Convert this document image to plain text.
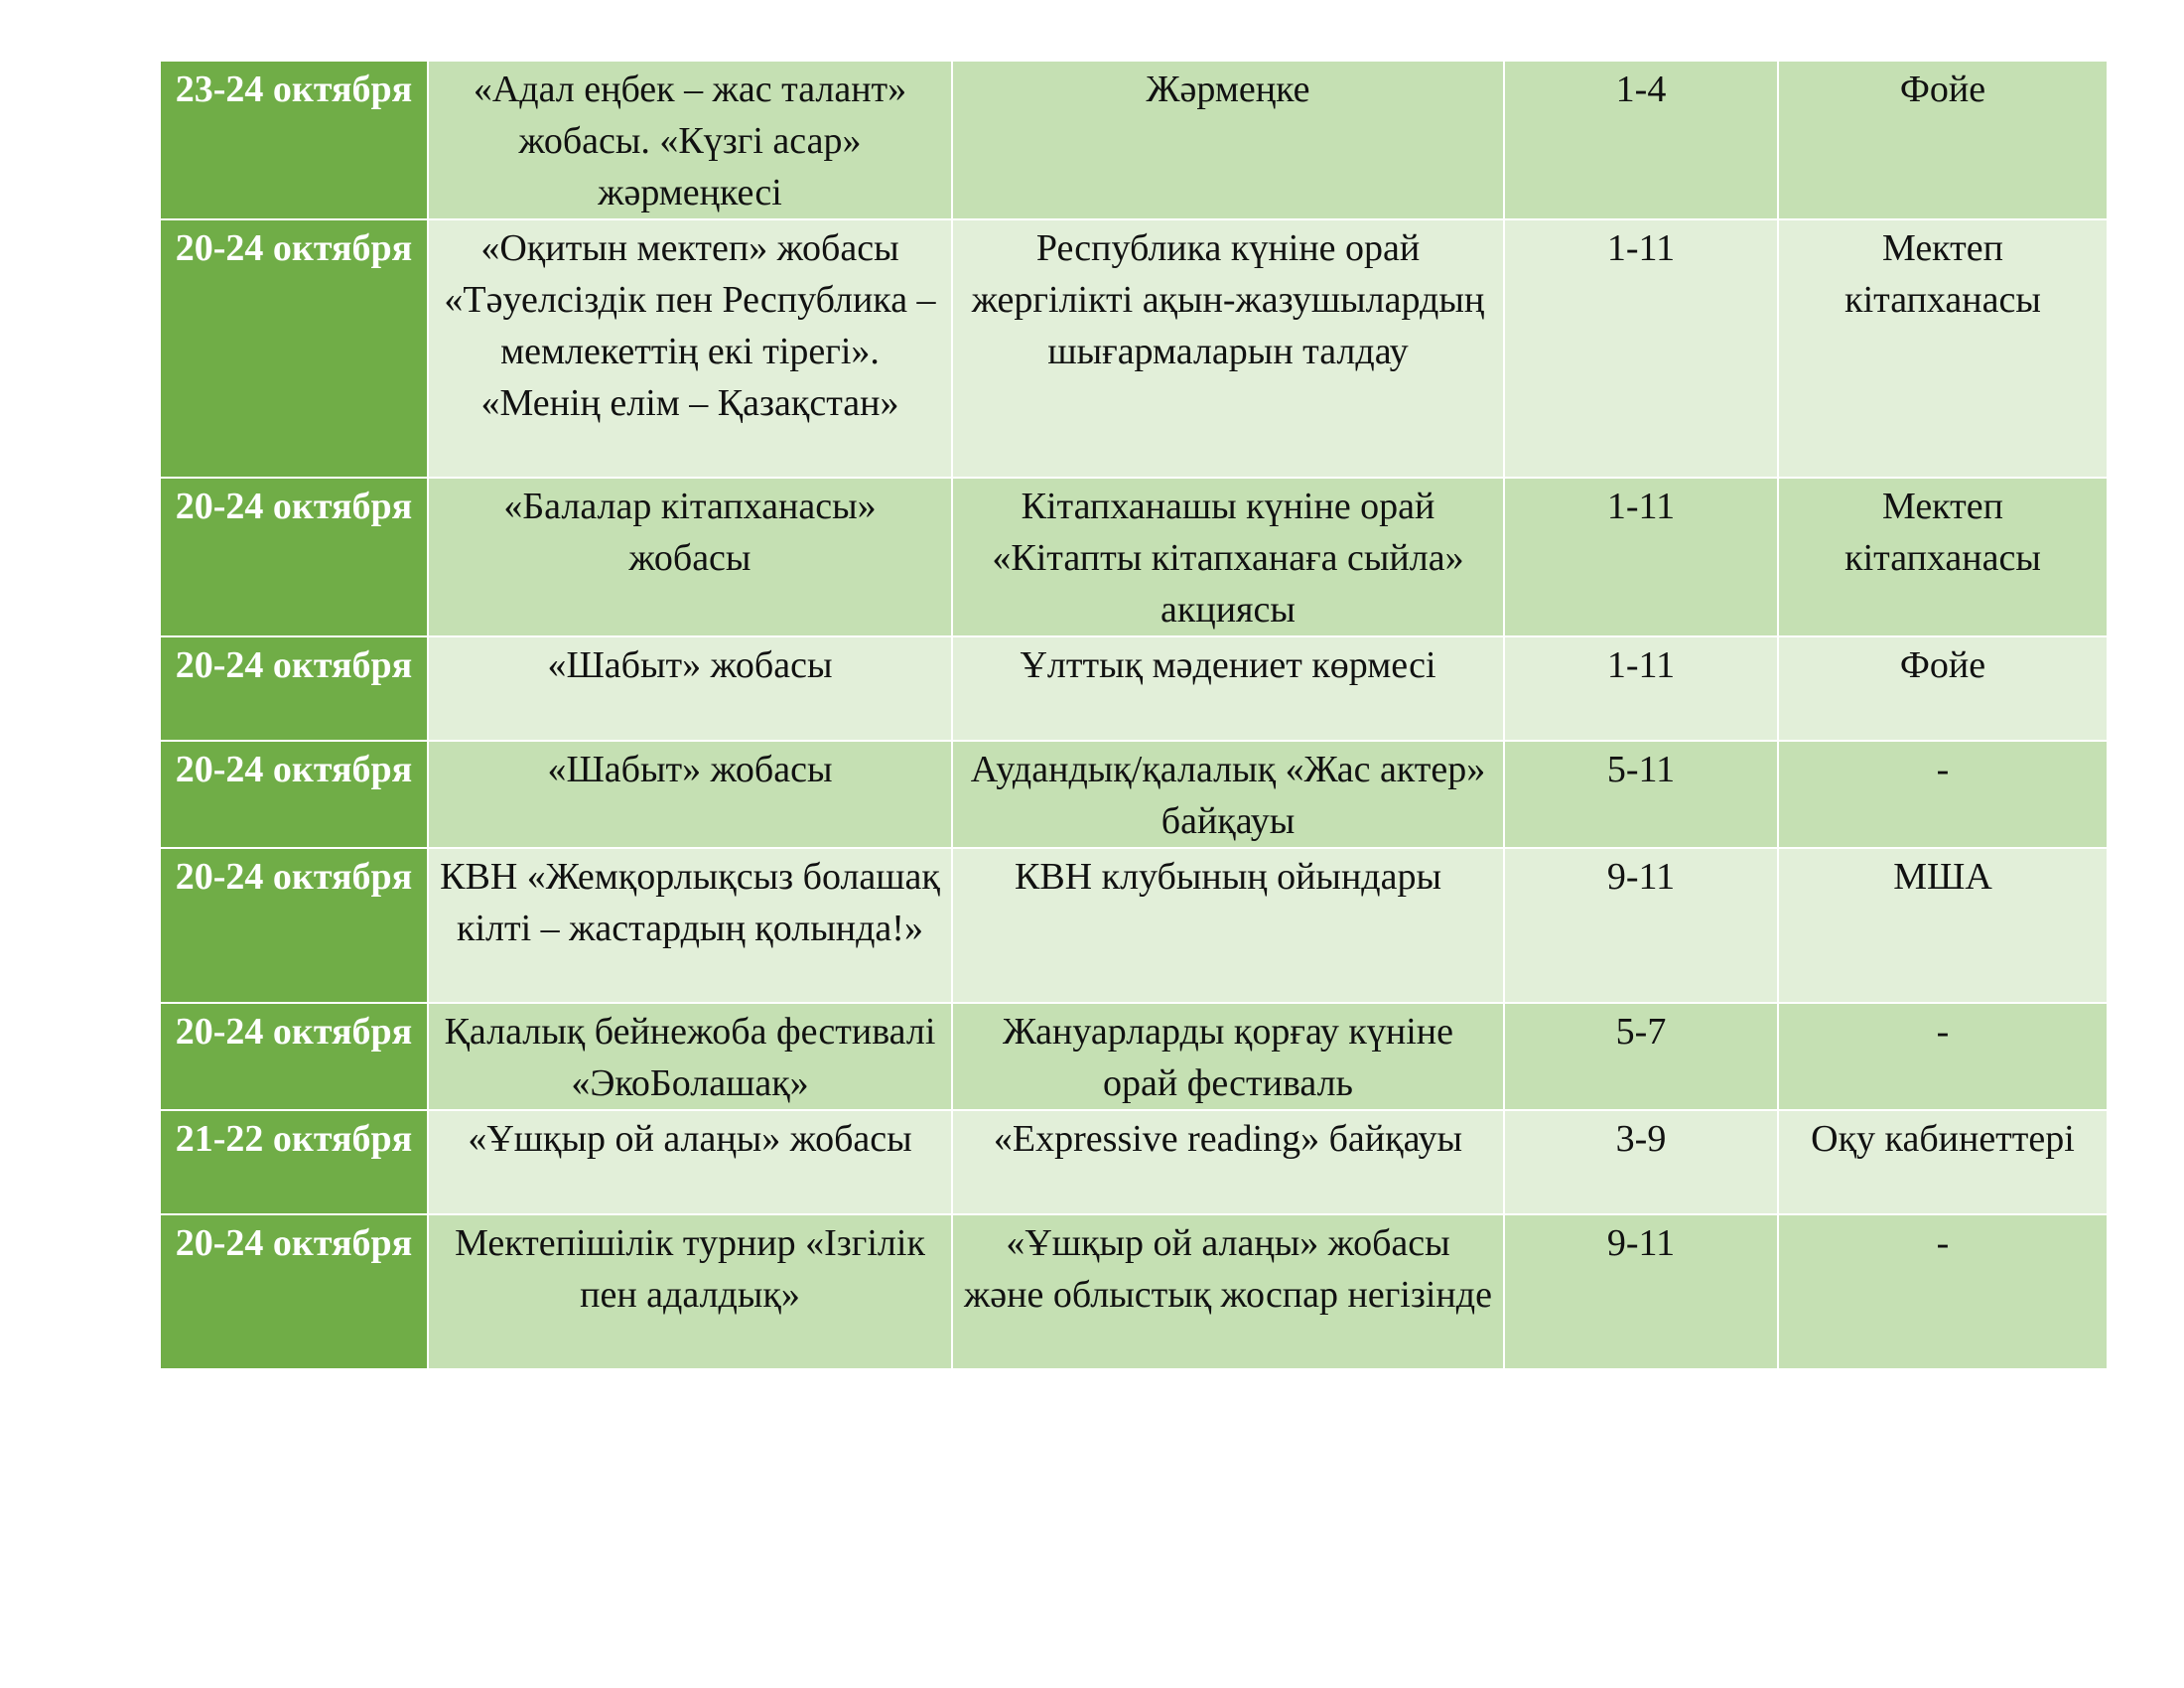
23-24 октября	«Адал еңбек – жас талант» жобасы. «Күзгі асар» жәрмеңкесі	Жәрмеңке	1-4	Фойе
20-24 октября	«Оқитын мектеп» жобасы «Тәуелсіздік пен Республика – мемлекеттің екі тірегі». «Менің елім – Қазақстан»	Республика күніне орай жергілікті ақын-жазушылардың шығармаларын талдау	1-11	Мектеп кітапханасы
20-24 октября	«Балалар кітапханасы» жобасы	Кітапханашы күніне орай «Кітапты кітапханаға сыйла» акциясы	1-11	Мектеп кітапханасы
20-24 октября	«Шабыт» жобасы	Ұлттық мәдениет көрмесі	1-11	Фойе
20-24 октября	«Шабыт» жобасы	Аудандық/қалалық «Жас актер» байқауы	5-11	-
20-24 октября	КВН «Жемқорлықсыз болашақ кілті – жастардың қолында!»	КВН клубының ойындары	9-11	МША
20-24 октября	Қалалық бейнежоба фестивалі «ЭкоБолашақ»	Жануарларды қорғау күніне орай фестиваль	5-7	-
21-22 октября	«Ұшқыр ой алаңы» жобасы	«Expressive reading» байқауы	3-9	Оқу кабинеттері
20-24 октября	Мектепішілік турнир «Ізгілік пен адалдық»	«Ұшқыр ой алаңы» жобасы және облыстық жоспар негізінде	9-11	-
